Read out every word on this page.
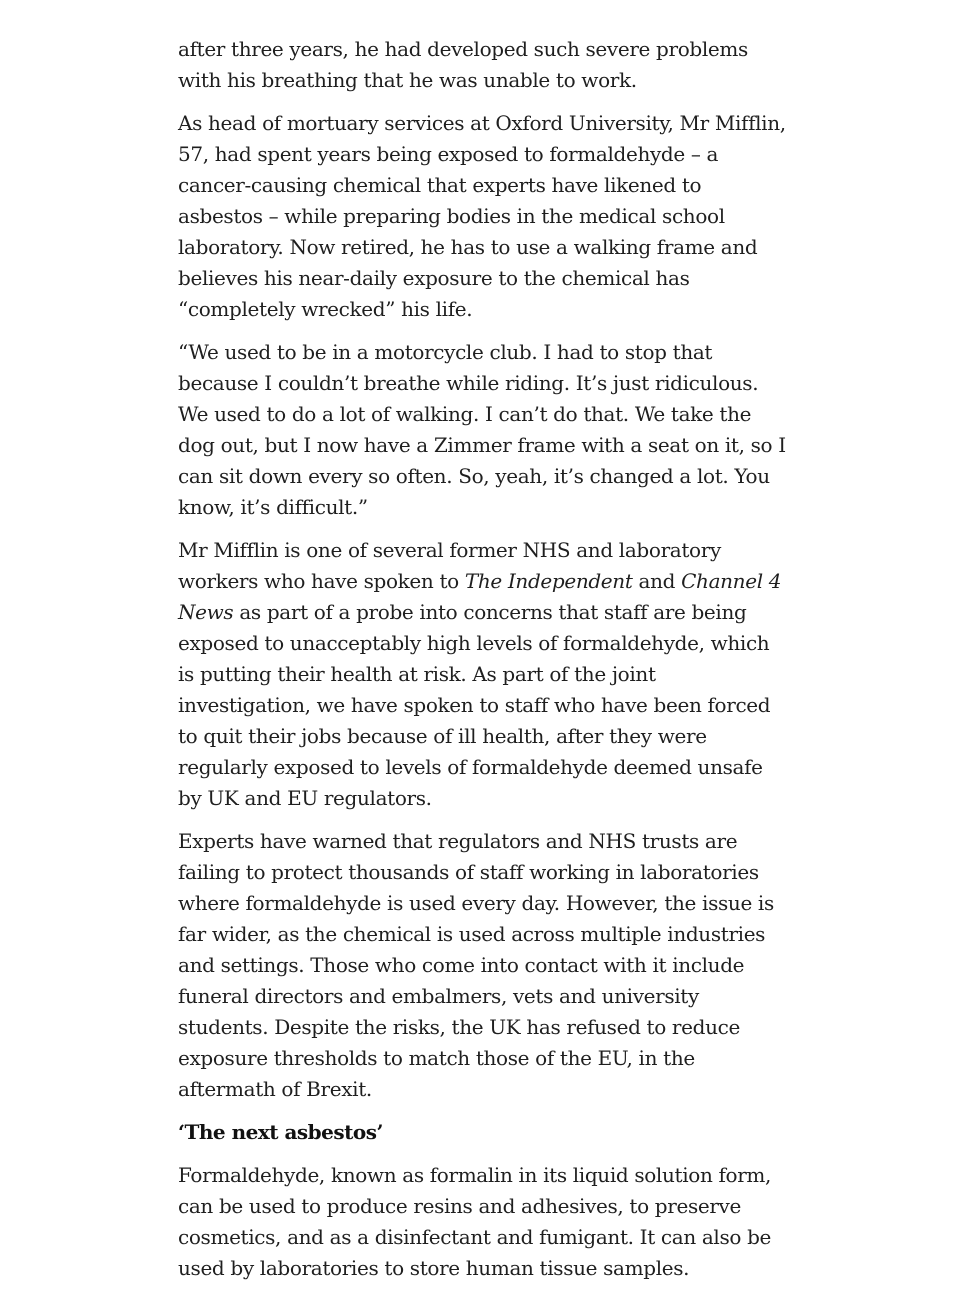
after three years, he had developed such severe problems with his breathing that he was unable to work.

As head of mortuary services at Oxford University, Mr Mifflin, 57, had spent years being exposed to formaldehyde – a cancer-causing chemical that experts have likened to asbestos – while preparing bodies in the medical school laboratory. Now retired, he has to use a walking frame and believes his near-daily exposure to the chemical has “completely wrecked” his life.

“We used to be in a motorcycle club. I had to stop that because I couldn’t breathe while riding. It’s just ridiculous. We used to do a lot of walking. I can’t do that. We take the dog out, but I now have a Zimmer frame with a seat on it, so I can sit down every so often. So, yeah, it’s changed a lot. You know, it’s difficult.”

Mr Mifflin is one of several former NHS and laboratory workers who have spoken to The Independent and Channel 4 News as part of a probe into concerns that staff are being exposed to unacceptably high levels of formaldehyde, which is putting their health at risk. As part of the joint investigation, we have spoken to staff who have been forced to quit their jobs because of ill health, after they were regularly exposed to levels of formaldehyde deemed unsafe by UK and EU regulators.

Experts have warned that regulators and NHS trusts are failing to protect thousands of staff working in laboratories where formaldehyde is used every day. However, the issue is far wider, as the chemical is used across multiple industries and settings. Those who come into contact with it include funeral directors and embalmers, vets and university students. Despite the risks, the UK has refused to reduce exposure thresholds to match those of the EU, in the aftermath of Brexit.

‘The next asbestos’

Formaldehyde, known as formalin in its liquid solution form, can be used to produce resins and adhesives, to preserve cosmetics, and as a disinfectant and fumigant. It can also be used by laboratories to store human tissue samples.
